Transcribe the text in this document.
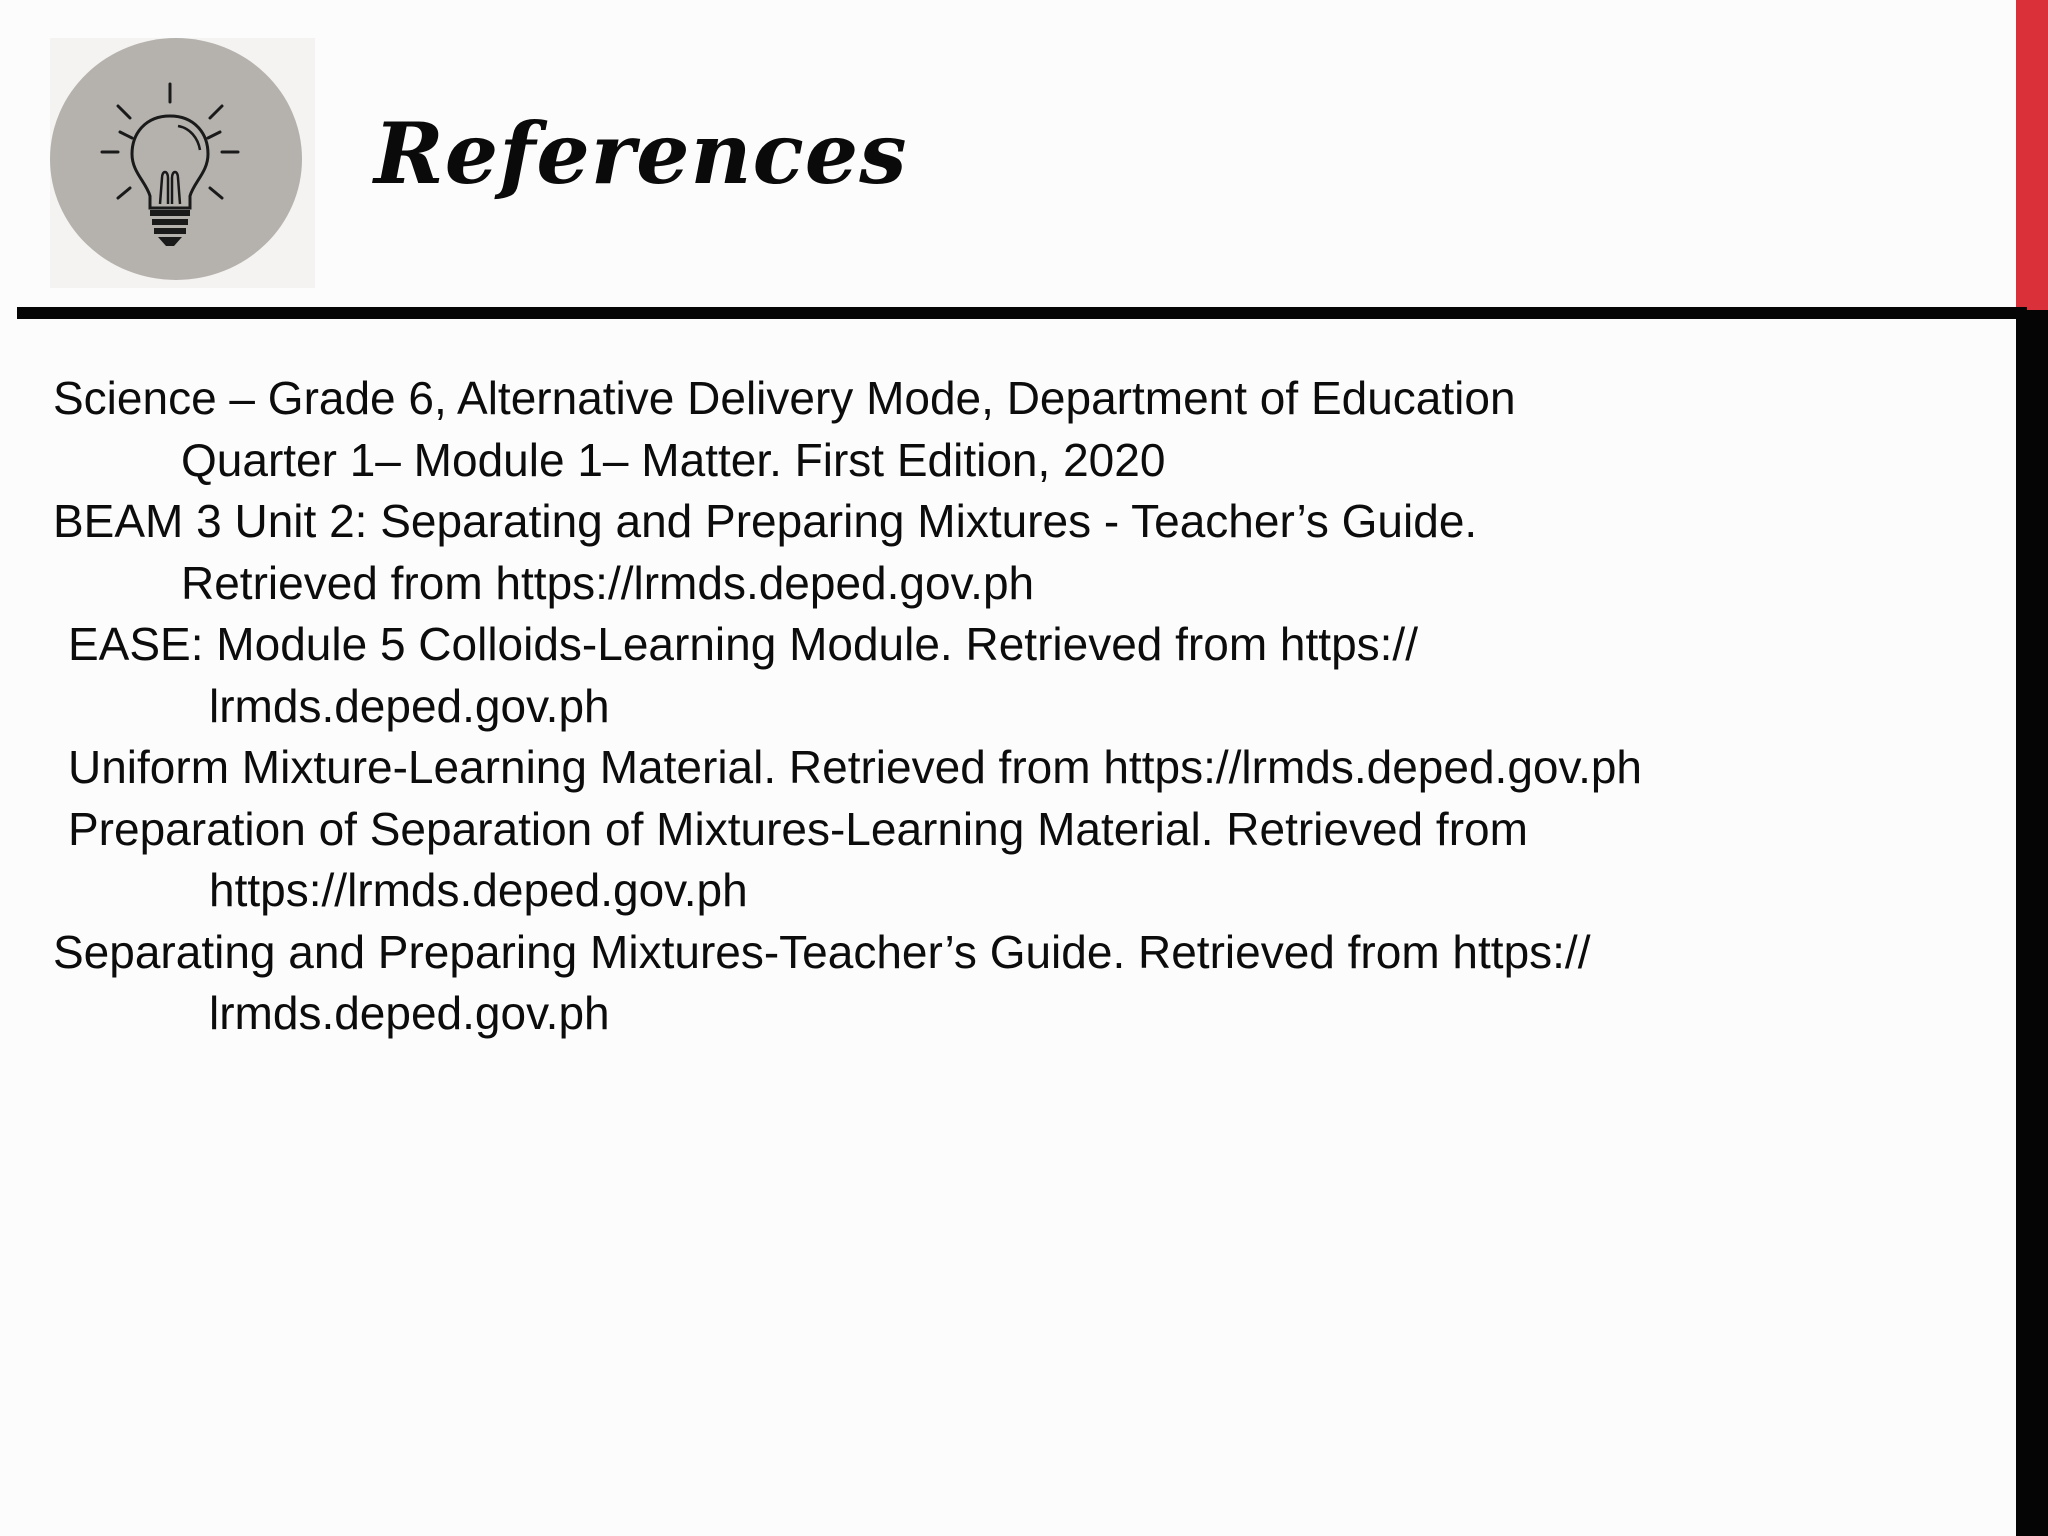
References
Science – Grade 6, Alternative Delivery Mode, Department of Education
Quarter 1– Module 1– Matter. First Edition, 2020
BEAM 3 Unit 2: Separating and Preparing Mixtures - Teacher’s Guide.
Retrieved from https://lrmds.deped.gov.ph
EASE: Module 5 Colloids-Learning Module. Retrieved from https://
lrmds.deped.gov.ph
Uniform Mixture-Learning Material. Retrieved from https://lrmds.deped.gov.ph
Preparation of Separation of Mixtures-Learning Material. Retrieved from
https://lrmds.deped.gov.ph
Separating and Preparing Mixtures-Teacher’s Guide. Retrieved from https://
lrmds.deped.gov.ph
